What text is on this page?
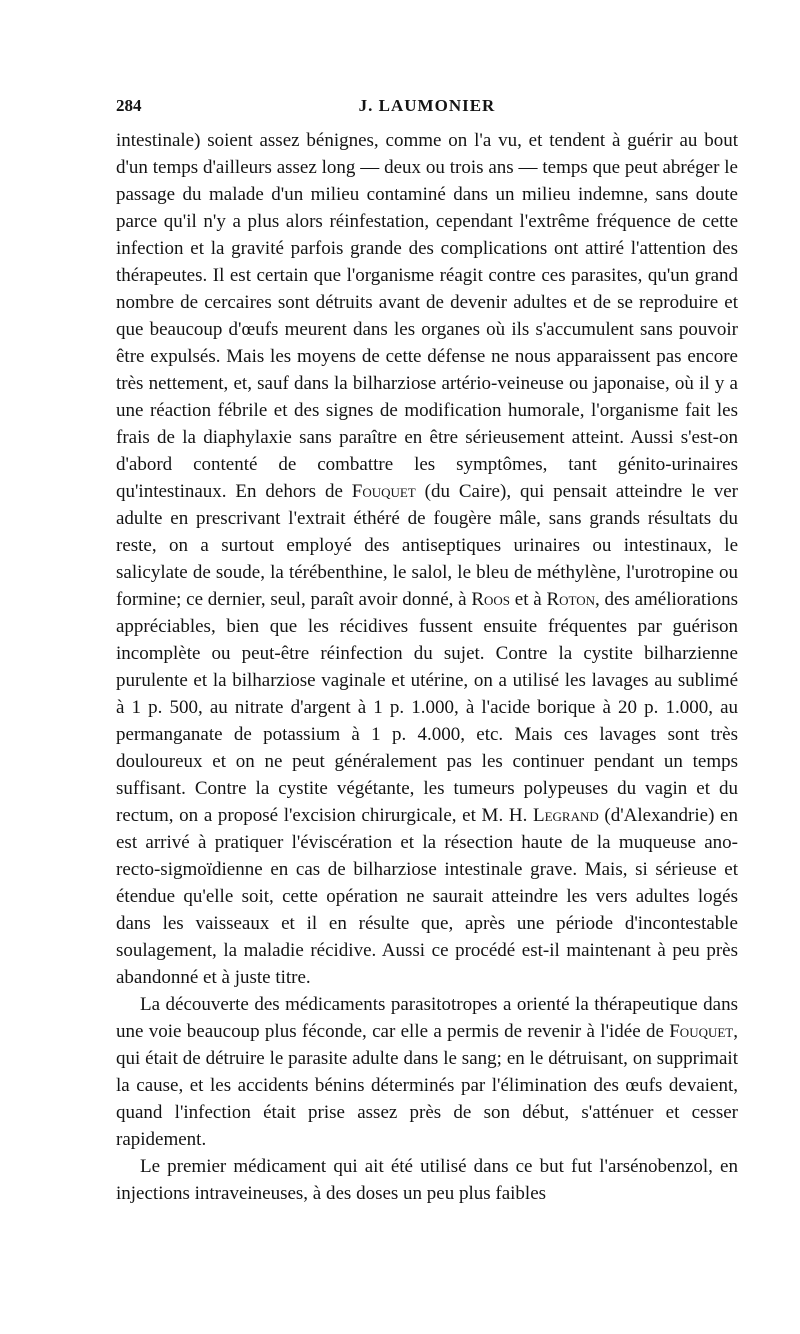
284	J. LAUMONIER

intestinale) soient assez bénignes, comme on l'a vu, et tendent à guérir au bout d'un temps d'ailleurs assez long — deux ou trois ans — temps que peut abréger le passage du malade d'un milieu contaminé dans un milieu indemne, sans doute parce qu'il n'y a plus alors réinfestation, cependant l'extrême fréquence de cette infection et la gravité parfois grande des complications ont attiré l'attention des thérapeutes. Il est certain que l'organisme réagit contre ces parasites, qu'un grand nombre de cercaires sont détruits avant de devenir adultes et de se reproduire et que beaucoup d'œufs meurent dans les organes où ils s'accumulent sans pouvoir être expulsés. Mais les moyens de cette défense ne nous apparaissent pas encore très nettement, et, sauf dans la bilharziose artério-veineuse ou japonaise, où il y a une réaction fébrile et des signes de modification humorale, l'organisme fait les frais de la diaphylaxie sans paraître en être sérieusement atteint. Aussi s'est-on d'abord contenté de combattre les symptômes, tant génito-urinaires qu'intestinaux. En dehors de Fouquet (du Caire), qui pensait atteindre le ver adulte en prescrivant l'extrait éthéré de fougère mâle, sans grands résultats du reste, on a surtout employé des antiseptiques urinaires ou intestinaux, le salicylate de soude, la térébenthine, le salol, le bleu de méthylène, l'urotropine ou formine; ce dernier, seul, paraît avoir donné, à Roos et à Roton, des améliorations appréciables, bien que les récidives fussent ensuite fréquentes par guérison incomplète ou peut-être réinfection du sujet. Contre la cystite bilharzienne purulente et la bilharziose vaginale et utérine, on a utilisé les lavages au sublimé à 1 p. 500, au nitrate d'argent à 1 p. 1.000, à l'acide borique à 20 p. 1.000, au permanganate de potassium à 1 p. 4.000, etc. Mais ces lavages sont très douloureux et on ne peut généralement pas les continuer pendant un temps suffisant. Contre la cystite végétante, les tumeurs polypeuses du vagin et du rectum, on a proposé l'excision chirurgicale, et M. H. Legrand (d'Alexandrie) en est arrivé à pratiquer l'éviscération et la résection haute de la muqueuse ano-recto-sigmoïdienne en cas de bilharziose intestinale grave. Mais, si sérieuse et étendue qu'elle soit, cette opération ne saurait atteindre les vers adultes logés dans les vaisseaux et il en résulte que, après une période d'incontestable soulagement, la maladie récidive. Aussi ce procédé est-il maintenant à peu près abandonné et à juste titre.

La découverte des médicaments parasitotropes a orienté la thérapeutique dans une voie beaucoup plus féconde, car elle a permis de revenir à l'idée de Fouquet, qui était de détruire le parasite adulte dans le sang; en le détruisant, on supprimait la cause, et les accidents bénins déterminés par l'élimination des œufs devaient, quand l'infection était prise assez près de son début, s'atténuer et cesser rapidement.

Le premier médicament qui ait été utilisé dans ce but fut l'arsénobenzol, en injections intraveineuses, à des doses un peu plus faibles
